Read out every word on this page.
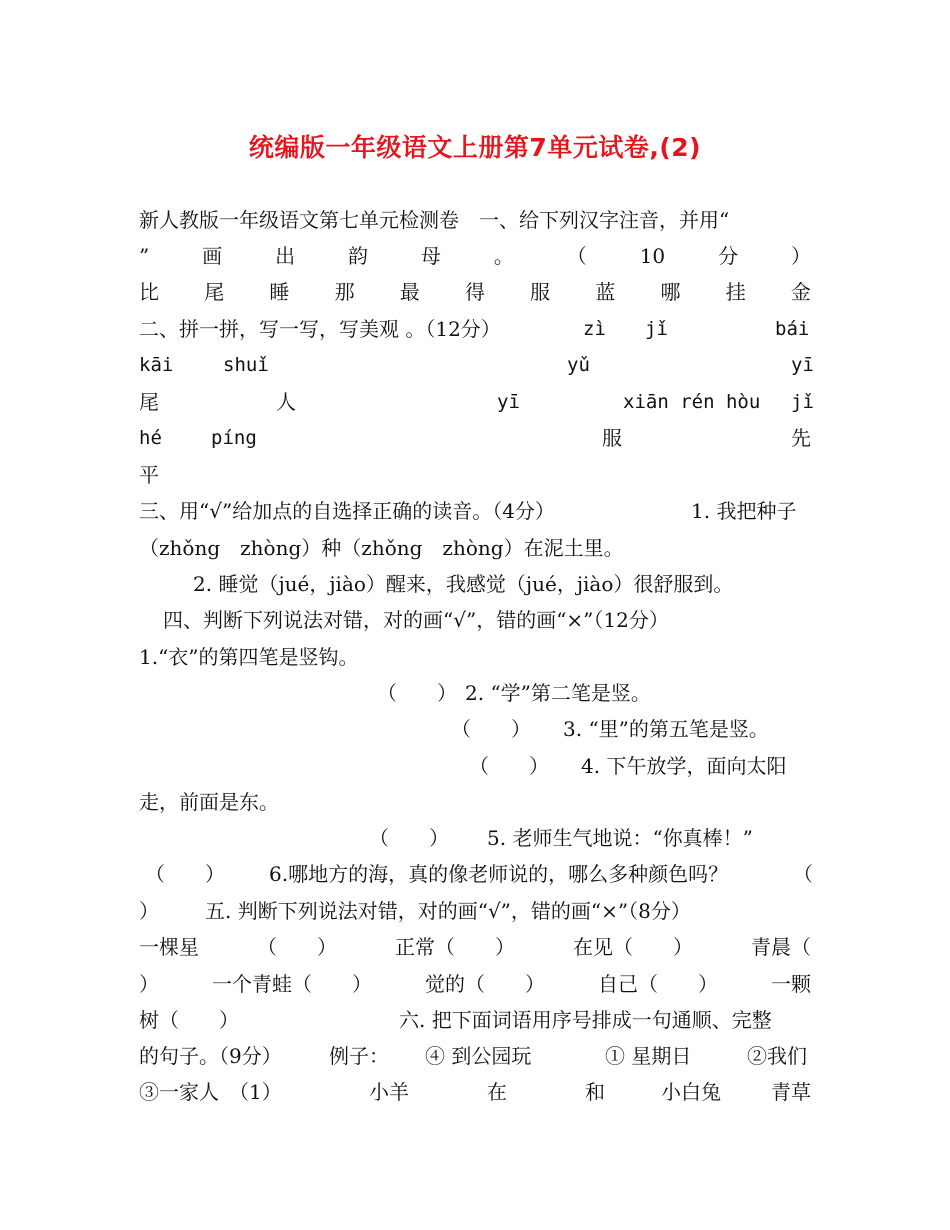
统编版一年级语文上册第7单元试卷,(2)
新人教版一年级语文第七单元检测卷　一、给下列汉字注音，并用“
”	画	出	韵	母	。	（	10	分	）
比 尾 睡 那 最 得 服 蓝 哪 挂 金
二、拼一拼，写一写，写美观 。（12分）	zì jǐ	bái
kāi	shuǐ	yǔ	yī
尾	人	yī	xiān rén hòu jǐ
hé	píng	服	先
平
三、用“√”给加点的自选择正确的读音。（4分）	1. 我把种子
（zhǒng　zhòng）种（zhǒng　zhòng）在泥土里。
2. 睡觉（jué，jiào）醒来，我感觉（jué，jiào）很舒服到。
四、判断下列说法对错，对的画“√”，错的画“×”（12分）
1.“衣”的第四笔是竖钩。
（　　） 2. “学”第二笔是竖。
（　　） 3. “里”的第五笔是竖。
（　　） 4. 下午放学，面向太阳
走，前面是东。
（　　） 5. 老师生气地说：“你真棒！”
（　　） 6.哪地方的海，真的像老师说的，哪么多种颜色吗？	（
） 五. 判断下列说法对错，对的画“√”，错的画“×”（8分）
一棵星	（　　）	正常（　　）	在见（　　）	青晨（
）	一个青蛙（　　）	觉的（　　）	自己（　　）	一颗
树（　　）	六. 把下面词语用序号排成一句通顺、完整
的句子。（9分） 例子： ④ 到公园玩	① 星期日	②我们
③一家人　（1）	小羊	在	和	小白兔	青草
